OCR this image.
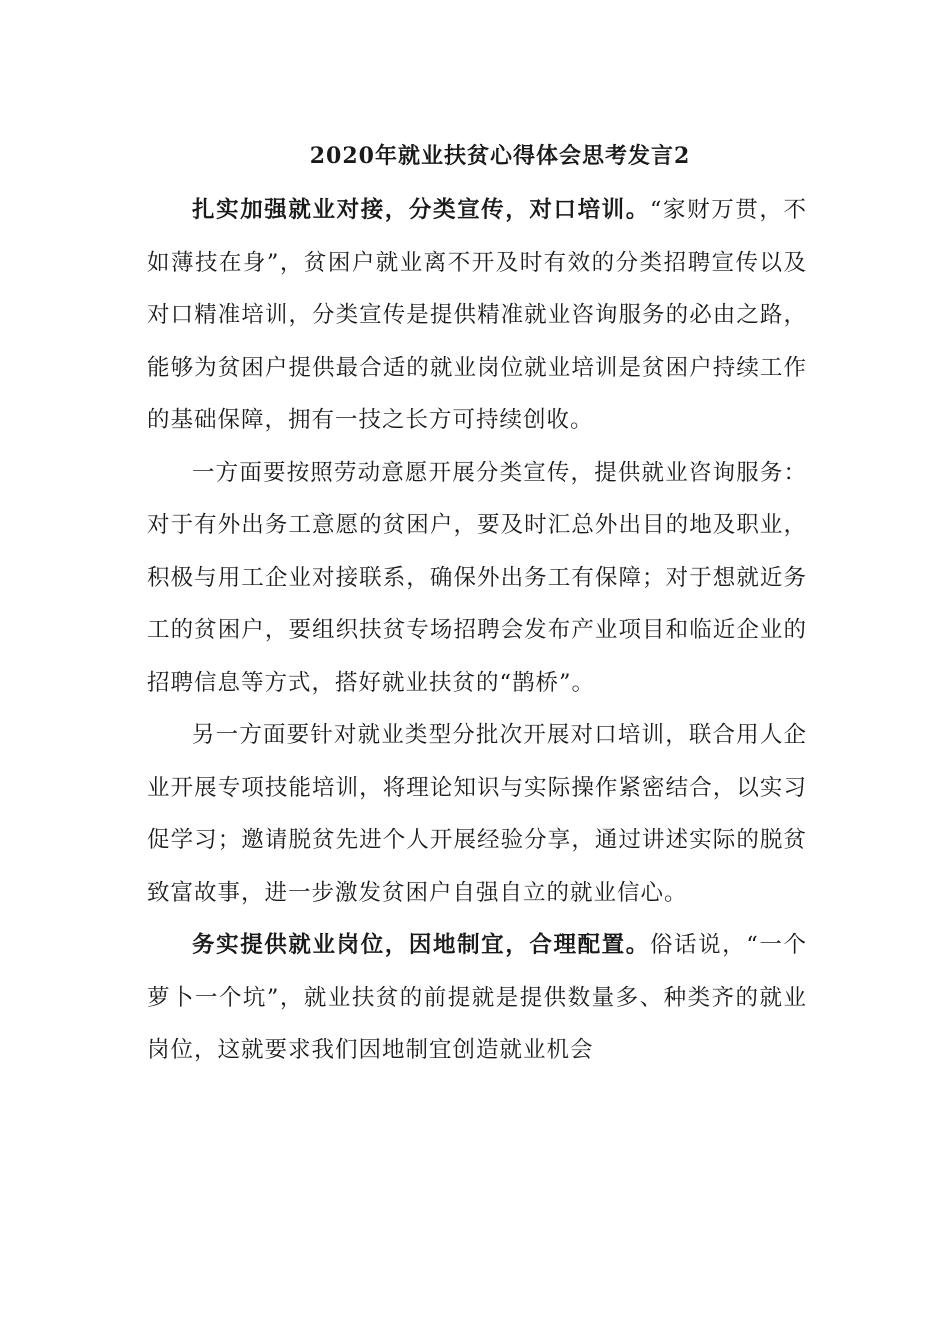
2020年就业扶贫心得体会思考发言2

扎实加强就业对接，分类宣传，对口培训。“家财万贯，不如薄技在身”，贫困户就业离不开及时有效的分类招聘宣传以及对口精准培训，分类宣传是提供精准就业咨询服务的必由之路，能够为贫困户提供最合适的就业岗位就业培训是贫困户持续工作的基础保障，拥有一技之长方可持续创收。

一方面要按照劳动意愿开展分类宣传，提供就业咨询服务：对于有外出务工意愿的贫困户，要及时汇总外出目的地及职业，积极与用工企业对接联系，确保外出务工有保障；对于想就近务工的贫困户，要组织扶贫专场招聘会发布产业项目和临近企业的招聘信息等方式，搭好就业扶贫的“鹊桥”。

另一方面要针对就业类型分批次开展对口培训，联合用人企业开展专项技能培训，将理论知识与实际操作紧密结合，以实习促学习；邀请脱贫先进个人开展经验分享，通过讲述实际的脱贫致富故事，进一步激发贫困户自强自立的就业信心。

务实提供就业岗位，因地制宜，合理配置。俗话说，“一个萝卜一个坑”，就业扶贫的前提就是提供数量多、种类齐的就业岗位，这就要求我们因地制宜创造就业机会
